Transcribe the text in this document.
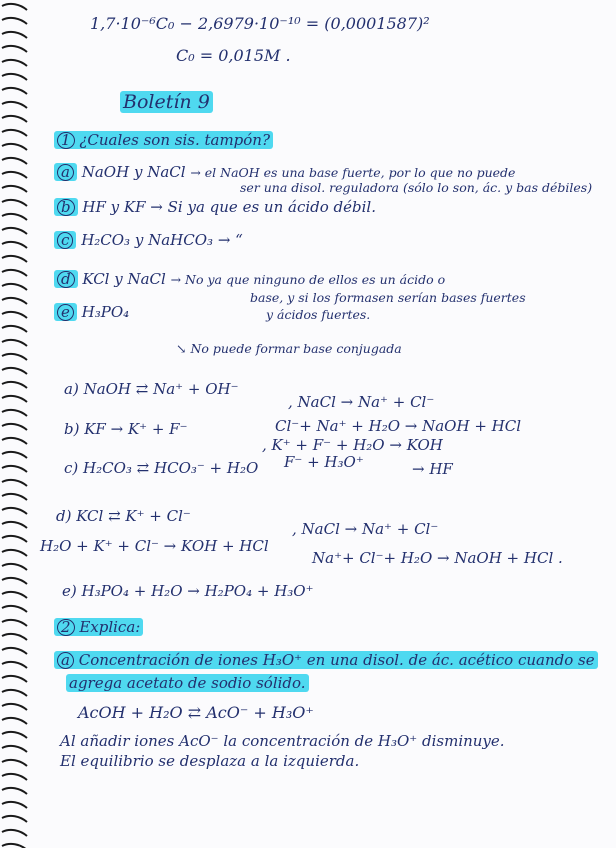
1,7·10⁻⁶C₀ − 2,6979·10⁻¹⁰ = (0,0001587)²

C₀ = 0,015M .

Boletín 9

1 ¿Cuales son sis. tampón?

a NaOH y NaCl → el NaOH es una base fuerte, por lo que no puede

ser una disol. reguladora (sólo lo son, ác. y bas débiles)

b HF y KF → Si ya que es un ácido débil.

c H₂CO₃ y NaHCO₃ → “

d KCl y NaCl → No ya que ninguno de ellos es un ácido o

base, y si los formasen serían bases fuertes

y ácidos fuertes.

e H₃PO₄

↘ No puede formar base conjugada

a) NaOH ⇄ Na⁺ + OH⁻

, NaCl → Na⁺ + Cl⁻

b) KF → K⁺ + F⁻	Cl⁻+ Na⁺ + H₂O → NaOH + HCl

, K⁺ + F⁻ + H₂O → KOH

F⁻ + H₃O⁺	→ HF

c) H₂CO₃ ⇄ HCO₃⁻ + H₂O

d) KCl ⇄ K⁺ + Cl⁻

H₂O + K⁺ + Cl⁻ → KOH + HCl

, NaCl → Na⁺ + Cl⁻

Na⁺+ Cl⁻+ H₂O → NaOH + HCl .

e) H₃PO₄ + H₂O → H₂PO₄ + H₃O⁺

2 Explica:

a Concentración de iones H₃O⁺ en una disol. de ác. acético cuando se

agrega acetato de sodio sólido.

AcOH + H₂O ⇄ AcO⁻ + H₃O⁺

Al añadir iones AcO⁻ la concentración de H₃O⁺ disminuye.

El equilibrio se desplaza a la izquierda.
